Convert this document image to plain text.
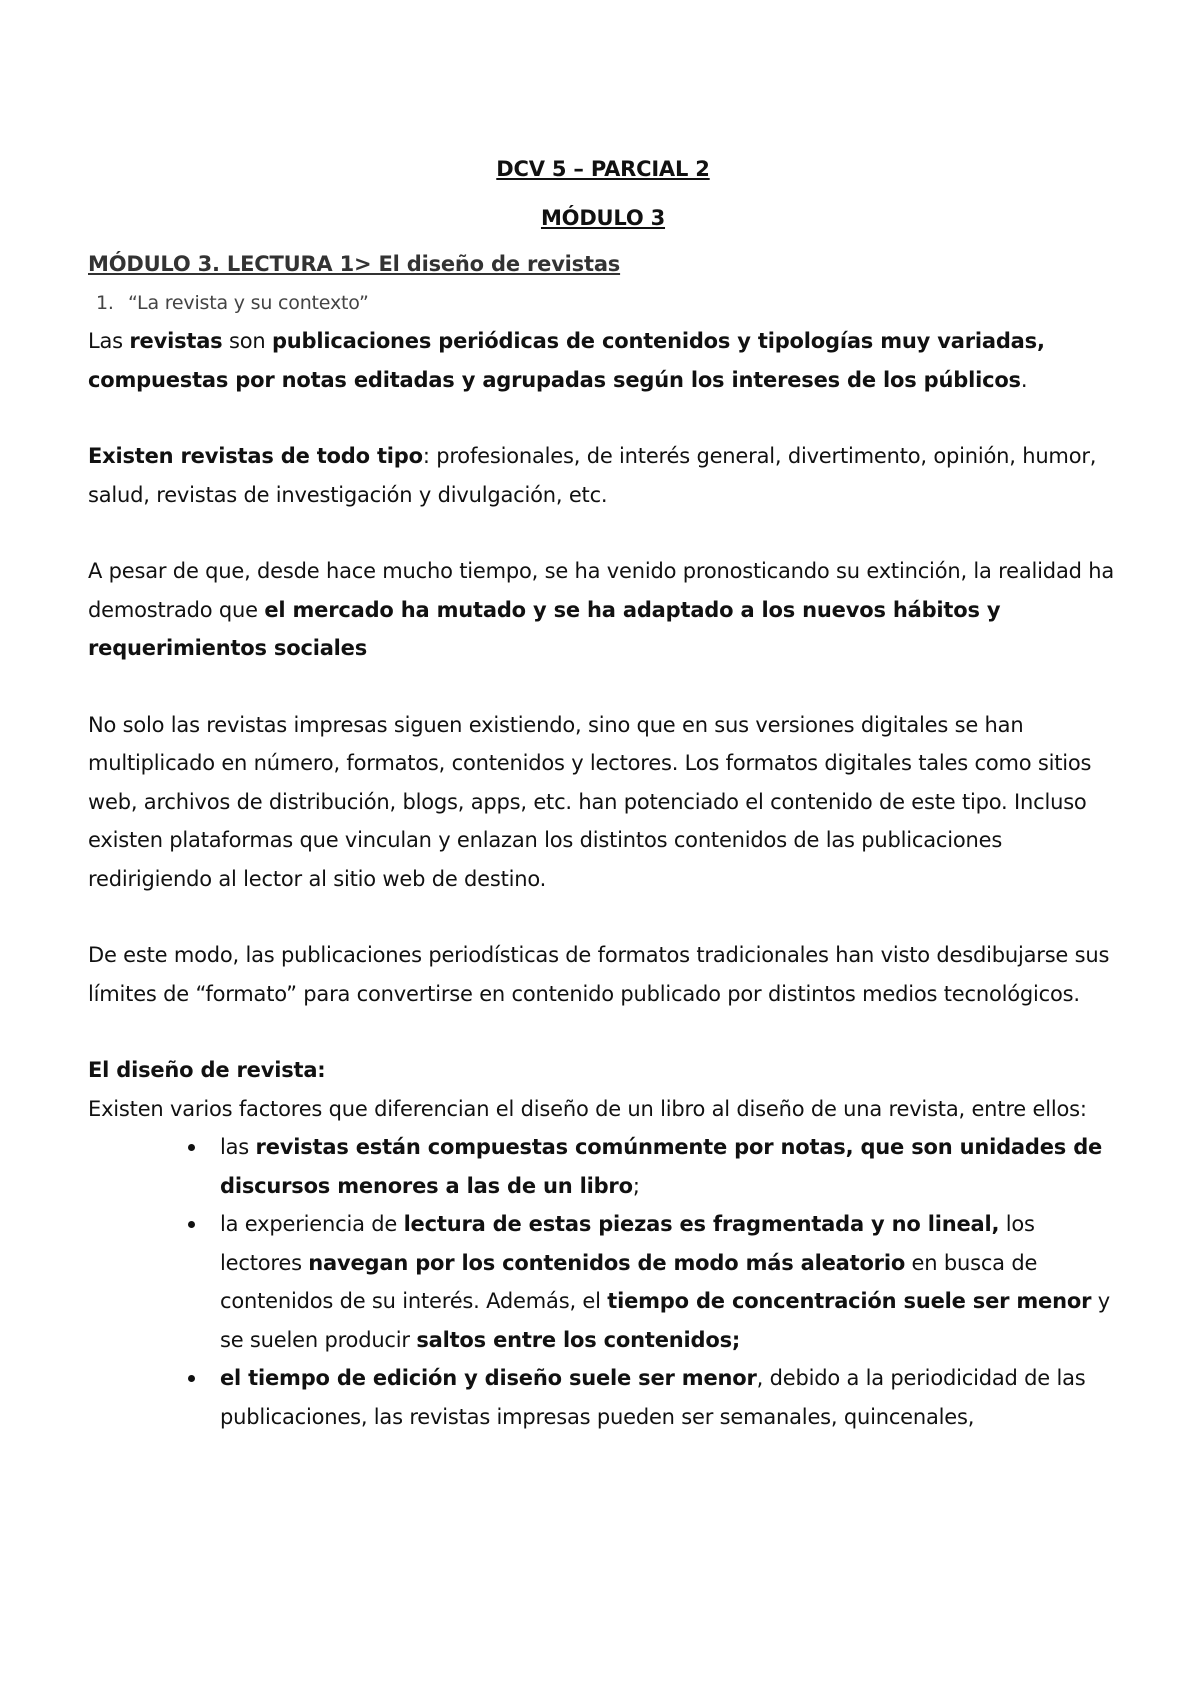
DCV 5 – PARCIAL 2

MÓDULO 3

MÓDULO 3. LECTURA 1> El diseño de revistas

1. “La revista y su contexto”

Las revistas son publicaciones periódicas de contenidos y tipologías muy variadas, compuestas por notas editadas y agrupadas según los intereses de los públicos.

Existen revistas de todo tipo: profesionales, de interés general, divertimento, opinión, humor, salud, revistas de investigación y divulgación, etc.

A pesar de que, desde hace mucho tiempo, se ha venido pronosticando su extinción, la realidad ha demostrado que el mercado ha mutado y se ha adaptado a los nuevos hábitos y requerimientos sociales

No solo las revistas impresas siguen existiendo, sino que en sus versiones digitales se han multiplicado en número, formatos, contenidos y lectores. Los formatos digitales tales como sitios web, archivos de distribución, blogs, apps, etc. han potenciado el contenido de este tipo. Incluso existen plataformas que vinculan y enlazan los distintos contenidos de las publicaciones redirigiendo al lector al sitio web de destino.

De este modo, las publicaciones periodísticas de formatos tradicionales han visto desdibujarse sus límites de “formato” para convertirse en contenido publicado por distintos medios tecnológicos.

El diseño de revista:

Existen varios factores que diferencian el diseño de un libro al diseño de una revista, entre ellos:

las revistas están compuestas comúnmente por notas, que son unidades de discursos menores a las de un libro;
la experiencia de lectura de estas piezas es fragmentada y no lineal, los lectores navegan por los contenidos de modo más aleatorio en busca de contenidos de su interés. Además, el tiempo de concentración suele ser menor y se suelen producir saltos entre los contenidos;
el tiempo de edición y diseño suele ser menor, debido a la periodicidad de las publicaciones, las revistas impresas pueden ser semanales, quincenales,
